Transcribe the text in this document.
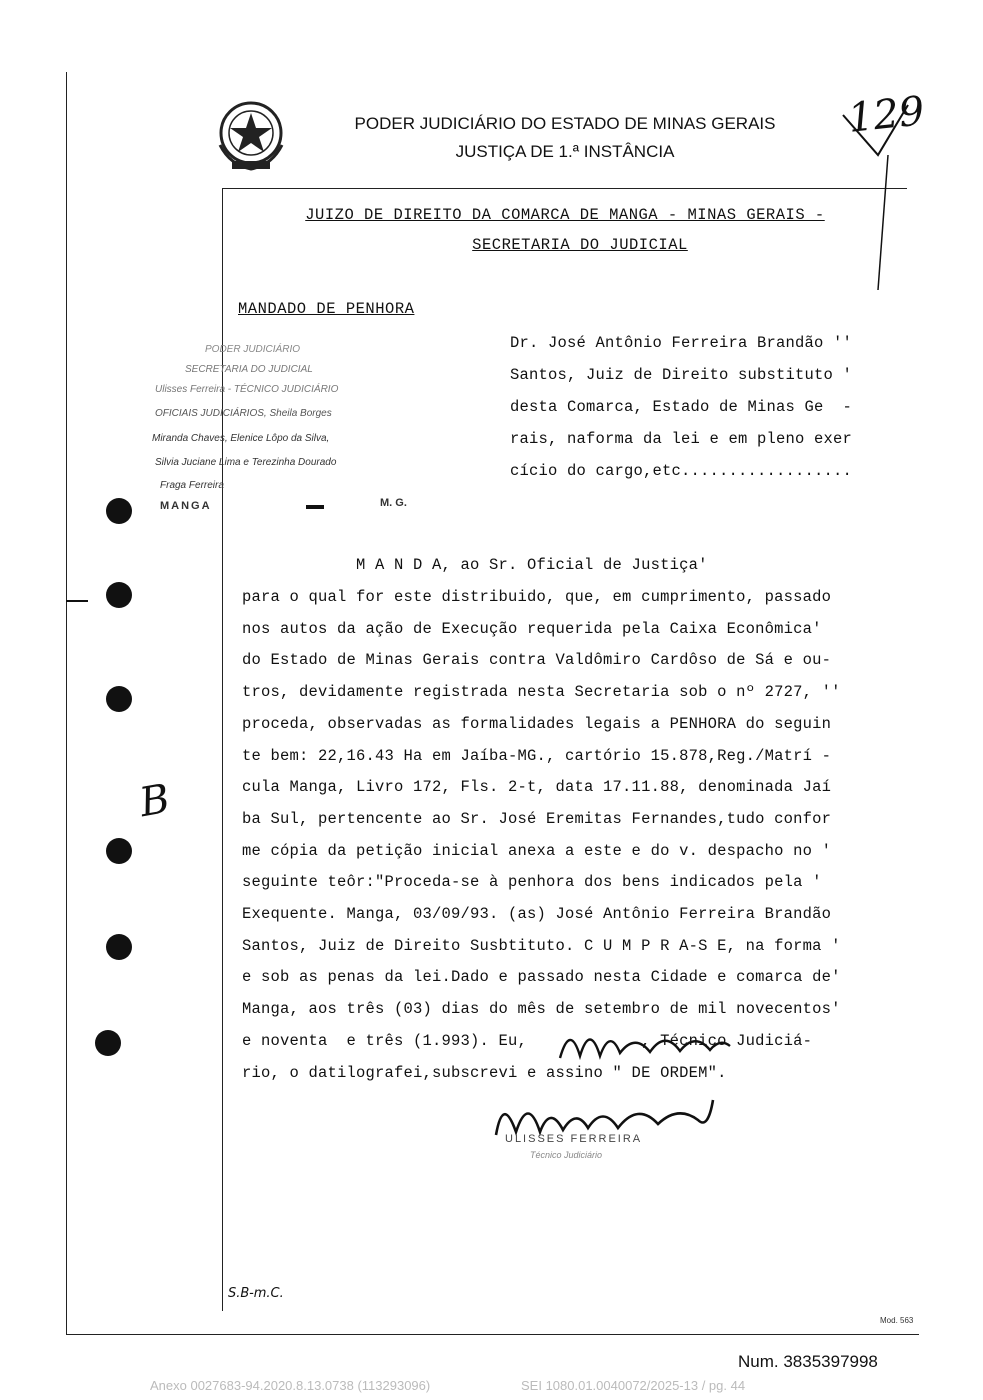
PODER JUDICIÁRIO DO ESTADO DE MINAS GERAIS
JUSTIÇA DE 1.ª INSTÂNCIA
129
JUIZO DE DIREITO DA COMARCA DE MANGA - MINAS GERAIS -
SECRETARIA DO JUDICIAL
MANDADO DE PENHORA
PODER JUDICIÁRIO
SECRETARIA DO JUDICIAL
Ulisses Ferreira - TÉCNICO JUDICIÁRIO
OFICIAIS JUDICIÁRIOS, Sheila Borges
Miranda Chaves, Elenice Lôpo da Silva,
Silvia Juciane Lima e Terezinha Dourado
Fraga Ferreira
MANGA	M. G.
Dr. José Antônio Ferreira Brandão ''
Santos, Juiz de Direito substituto '
desta Comarca, Estado de Minas Ge  -
rais, naforma da lei e em pleno exer
cício do cargo,etc..................
M A N D A, ao Sr. Oficial de Justiça'
para o qual for este distribuido, que, em cumprimento, passado
nos autos da ação de Execução requerida pela Caixa Econômica'
do Estado de Minas Gerais contra Valdômiro Cardôso de Sá e ou-
tros, devidamente registrada nesta Secretaria sob o nº 2727, ''
proceda, observadas as formalidades legais a PENHORA do seguin
te bem: 22,16.43 Ha em Jaíba-MG., cartório 15.878,Reg./Matrí -
cula Manga, Livro 172, Fls. 2-t, data 17.11.88, denominada Jaí
ba Sul, pertencente ao Sr. José Eremitas Fernandes,tudo confor
me cópia da petição inicial anexa a este e do v. despacho no '
seguinte teôr:"Proceda-se à penhora dos bens indicados pela '
Exequente. Manga, 03/09/93. (as) José Antônio Ferreira Brandão
Santos, Juiz de Direito Susbtituto. C U M P R A-S E, na forma '
e sob as penas da lei.Dado e passado nesta Cidade e comarca de'
Manga, aos três (03) dias do mês de setembro de mil novecentos'
e noventa  e três (1.993). Eu,            , Técnico Judiciá-
rio, o datilografei,subscrevi e assino " DE ORDEM".
ULISSES FERREIRA
Técnico Judiciário
B
S.B-m.C.
Mod. 563
Num. 3835397998
Anexo 0027683-94.2020.8.13.0738 (113293096)	SEI 1080.01.0040072/2025-13 / pg. 44
